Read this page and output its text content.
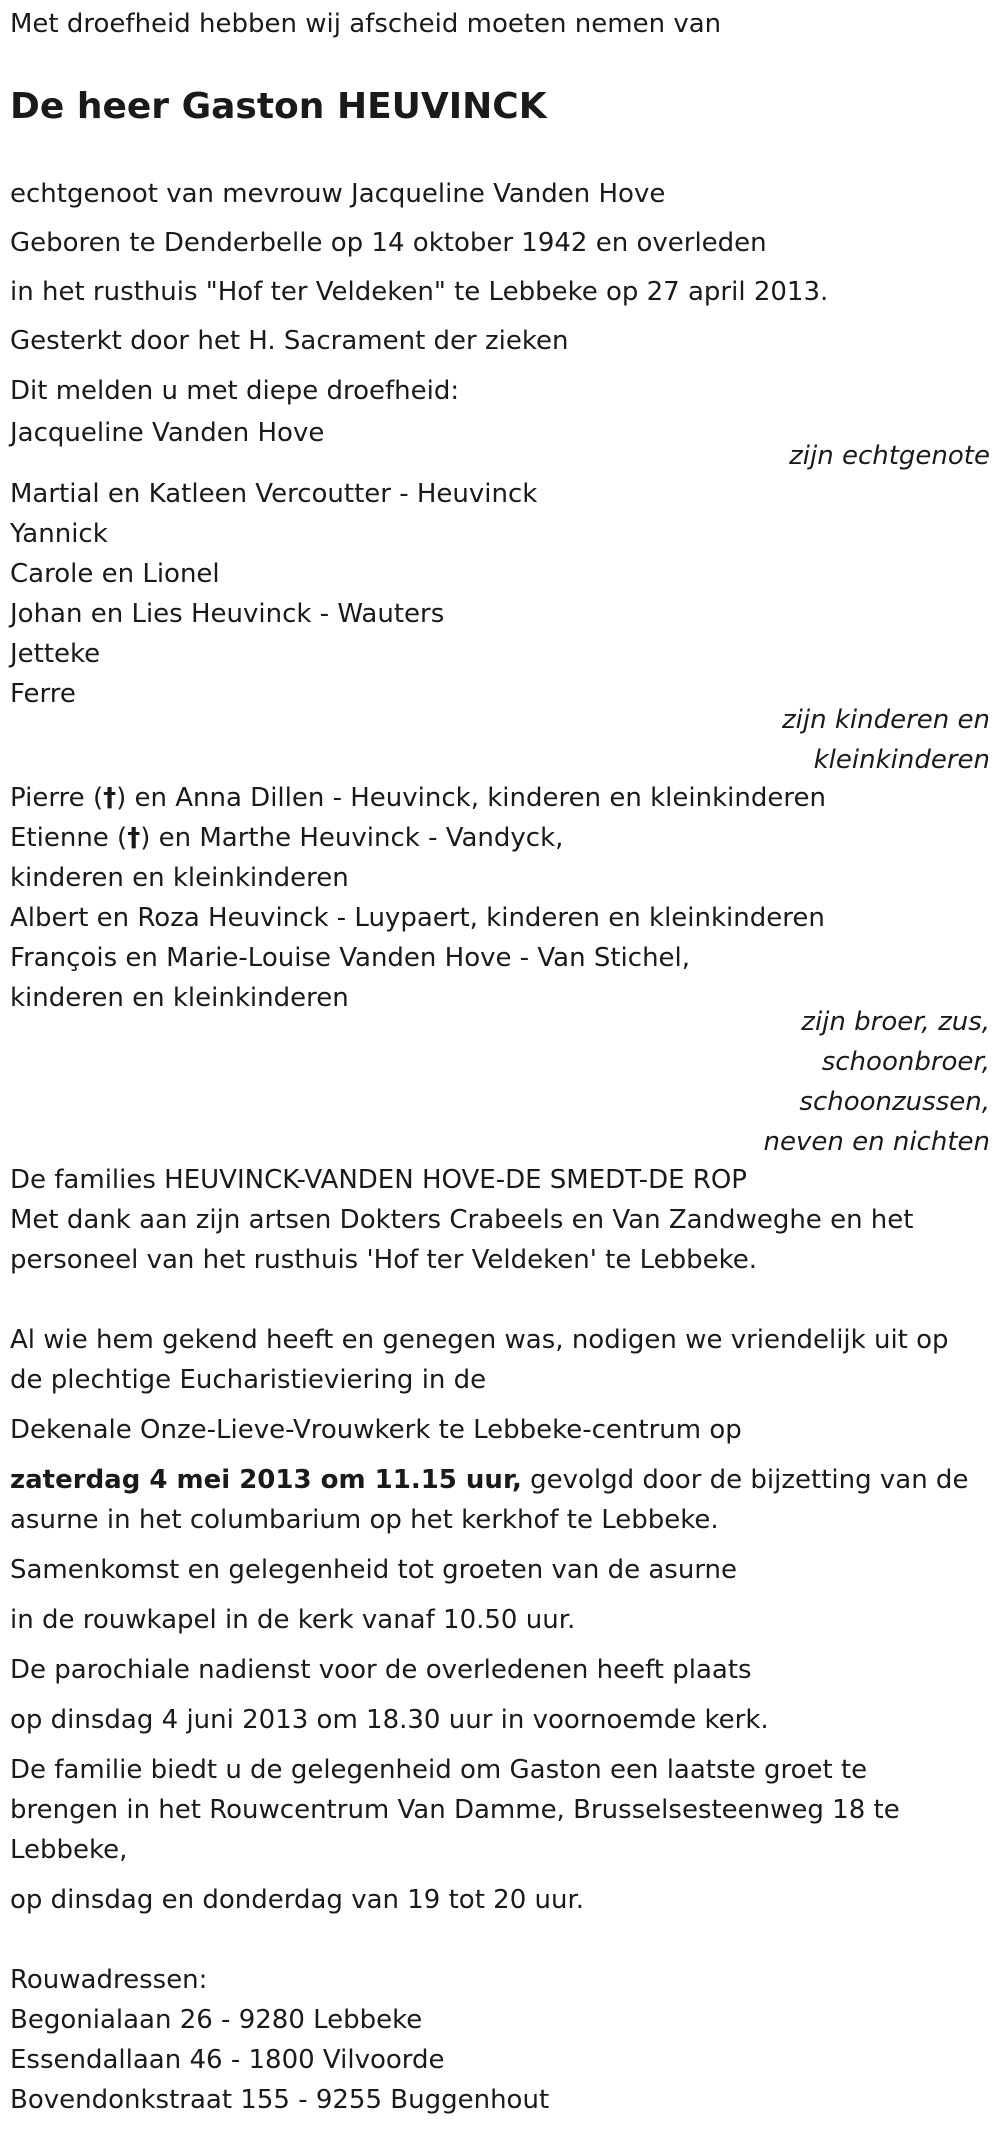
Met droefheid hebben wij afscheid moeten nemen van
De heer Gaston HEUVINCK
echtgenoot van mevrouw Jacqueline Vanden Hove
Geboren te Denderbelle op 14 oktober 1942 en overleden
in het rusthuis "Hof ter Veldeken" te Lebbeke op 27 april 2013.
Gesterkt door het H. Sacrament der zieken
Dit melden u met diepe droefheid:
Jacqueline Vanden Hove
zijn echtgenote
Martial en Katleen Vercoutter - Heuvinck
Yannick
Carole en Lionel
Johan en Lies Heuvinck - Wauters
Jetteke
Ferre
zijn kinderen en
kleinkinderen
Pierre (†) en Anna Dillen - Heuvinck, kinderen en kleinkinderen
Etienne (†) en Marthe Heuvinck - Vandyck,
kinderen en kleinkinderen
Albert en Roza Heuvinck - Luypaert, kinderen en kleinkinderen
François en Marie-Louise Vanden Hove - Van Stichel,
kinderen en kleinkinderen
zijn broer, zus,
schoonbroer,
schoonzussen,
neven en nichten
De families HEUVINCK-VANDEN HOVE-DE SMEDT-DE ROP
Met dank aan zijn artsen Dokters Crabeels en Van Zandweghe en het
personeel van het rusthuis 'Hof ter Veldeken' te Lebbeke.
Al wie hem gekend heeft en genegen was, nodigen we vriendelijk uit op
de plechtige Eucharistieviering in de
Dekenale Onze-Lieve-Vrouwkerk te Lebbeke-centrum op
zaterdag 4 mei 2013 om 11.15 uur, gevolgd door de bijzetting van de
asurne in het columbarium op het kerkhof te Lebbeke.
Samenkomst en gelegenheid tot groeten van de asurne
in de rouwkapel in de kerk vanaf 10.50 uur.
De parochiale nadienst voor de overledenen heeft plaats
op dinsdag 4 juni 2013 om 18.30 uur in voornoemde kerk.
De familie biedt u de gelegenheid om Gaston een laatste groet te
brengen in het Rouwcentrum Van Damme, Brusselsesteenweg 18 te
Lebbeke,
op dinsdag en donderdag van 19 tot 20 uur.
Rouwadressen:
Begonialaan 26 - 9280 Lebbeke
Essendallaan 46 - 1800 Vilvoorde
Bovendonkstraat 155 - 9255 Buggenhout
